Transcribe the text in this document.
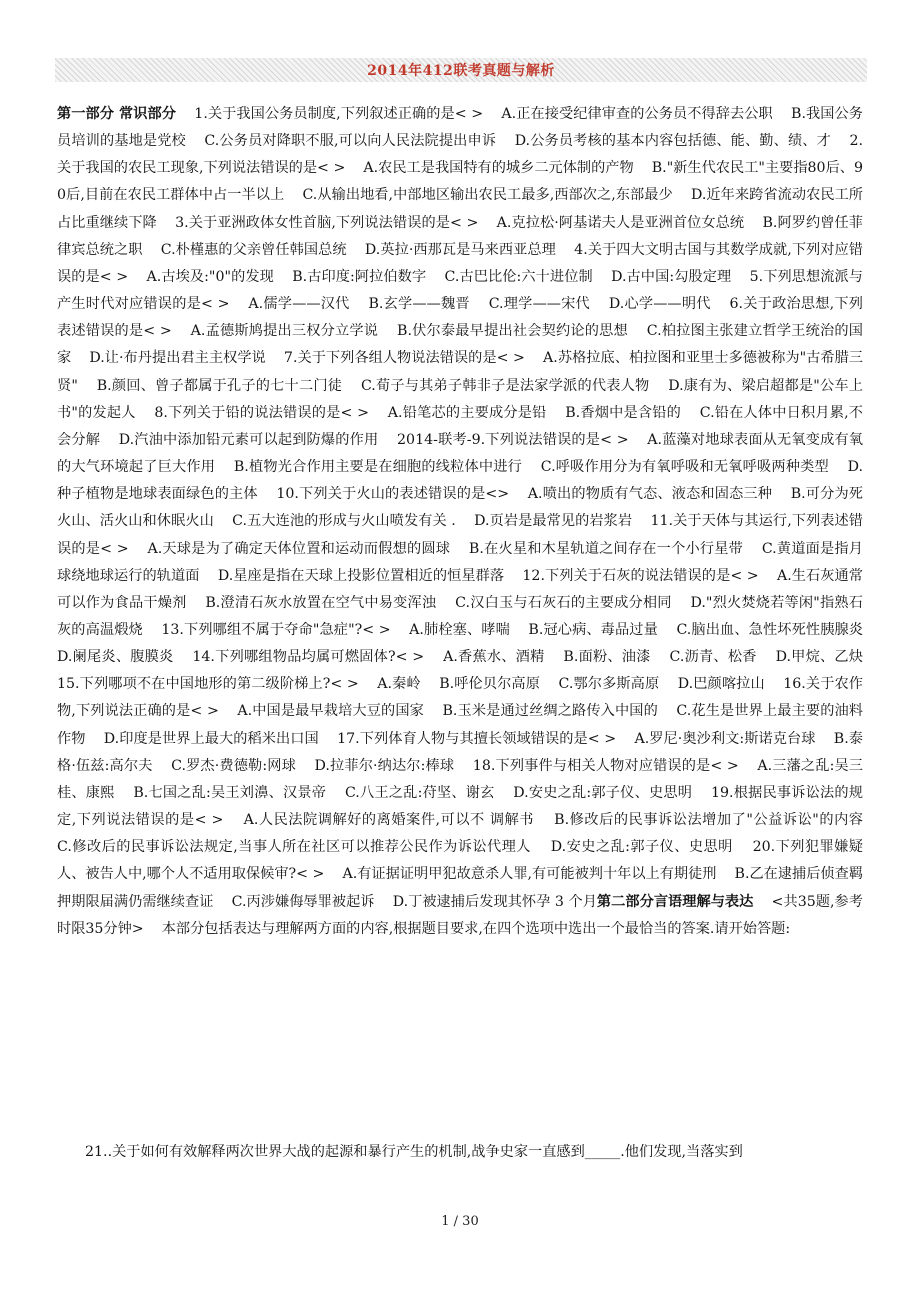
2014年412联考真题与解析
第一部分 常识部分    1.关于我国公务员制度,下列叙述正确的是< >    A.正在接受纪律审查的公务员不得辞去公职    B.我国公务员培训的基地是党校    C.公务员对降职不服,可以向人民法院提出申诉    D.公务员考核的基本内容包括德、能、勤、绩、才    2.关于我国的农民工现象,下列说法错误的是< >    A.农民工是我国特有的城乡二元体制的产物    B."新生代农民工"主要指80后、90后,目前在农民工群体中占一半以上    C.从输出地看,中部地区输出农民工最多,西部次之,东部最少    D.近年来跨省流动农民工所占比重继续下降    3.关于亚洲政体女性首脑,下列说法错误的是< >    A.克拉松·阿基诺夫人是亚洲首位女总统    B.阿罗约曾任菲律宾总统之职    C.朴槿惠的父亲曾任韩国总统    D.英拉·西那瓦是马来西亚总理    4.关于四大文明古国与其数学成就,下列对应错误的是< >    A.古埃及:"0"的发现    B.古印度:阿拉伯数字    C.古巴比伦:六十进位制    D.古中国:勾股定理    5.下列思想流派与产生时代对应错误的是< >    A.儒学——汉代    B.玄学——魏晋    C.理学——宋代    D.心学——明代    6.关于政治思想,下列表述错误的是< >    A.孟德斯鸠提出三权分立学说    B.伏尔泰最早提出社会契约论的思想    C.柏拉图主张建立哲学王统治的国家    D.让·布丹提出君主主权学说    7.关于下列各组人物说法错误的是< >    A.苏格拉底、柏拉图和亚里士多德被称为"古希腊三贤"    B.颜回、曾子都属于孔子的七十二门徒    C.荀子与其弟子韩非子是法家学派的代表人物    D.康有为、梁启超都是"公车上书"的发起人    8.下列关于铅的说法错误的是< >    A.铅笔芯的主要成分是铅    B.香烟中是含铅的    C.铅在人体中日积月累,不会分解    D.汽油中添加铅元素可以起到防爆的作用    2014-联考-9.下列说法错误的是< >    A.蓝藻对地球表面从无氧变成有氧的大气环境起了巨大作用    B.植物光合作用主要是在细胞的线粒体中进行    C.呼吸作用分为有氧呼吸和无氧呼吸两种类型    D.种子植物是地球表面绿色的主体    10.下列关于火山的表述错误的是<>    A.喷出的物质有气态、液态和固态三种    B.可分为死火山、活火山和休眠火山    C.五大连池的形成与火山喷发有关 .    D.页岩是最常见的岩浆岩    11.关于天体与其运行,下列表述错误的是< >    A.天球是为了确定天体位置和运动而假想的圆球    B.在火星和木星轨道之间存在一个小行星带    C.黄道面是指月球绕地球运行的轨道面    D.星座是指在天球上投影位置相近的恒星群落    12.下列关于石灰的说法错误的是< >    A.生石灰通常可以作为食品干燥剂    B.澄清石灰水放置在空气中易变浑浊    C.汉白玉与石灰石的主要成分相同    D."烈火焚烧若等闲"指熟石灰的高温煅烧    13.下列哪组不属于夺命"急症"?< >    A.肺栓塞、哮喘    B.冠心病、毒品过量    C.脑出血、急性坏死性胰腺炎    D.阑尾炎、腹膜炎    14.下列哪组物品均属可燃固体?< >    A.香蕉水、酒精    B.面粉、油漆    C.沥青、松香    D.甲烷、乙炔    15.下列哪项不在中国地形的第二级阶梯上?< >    A.秦岭    B.呼伦贝尔高原    C.鄂尔多斯高原    D.巴颜喀拉山    16.关于农作物,下列说法正确的是< >    A.中国是最早栽培大豆的国家    B.玉米是通过丝绸之路传入中国的    C.花生是世界上最主要的油料作物    D.印度是世界上最大的稻米出口国    17.下列体育人物与其擅长领域错误的是< >    A.罗尼·奥沙利文:斯诺克台球    B.泰格·伍兹:高尔夫    C.罗杰·费德勒:网球    D.拉菲尔·纳达尔:棒球    18.下列事件与相关人物对应错误的是< >    A.三藩之乱:吴三桂、康熙    B.七国之乱:吴王刘濞、汉景帝    C.八王之乱:苻坚、谢玄    D.安史之乱:郭子仪、史思明    19.根据民事诉讼法的规定,下列说法错误的是< >    A.人民法院调解好的离婚案件,可以不 调解书    B.修改后的民事诉讼法增加了"公益诉讼"的内容    C.修改后的民事诉讼法规定,当事人所在社区可以推荐公民作为诉讼代理人    D.安史之乱:郭子仪、史思明    20.下列犯罪嫌疑人、被告人中,哪个人不适用取保候审?< >    A.有证据证明甲犯故意杀人罪,有可能被判十年以上有期徒刑    B.乙在逮捕后侦查羁押期限届满仍需继续查证    C.丙涉嫌侮辱罪被起诉    D.丁被逮捕后发现其怀孕 3 个月第二部分言语理解与表达    <共35题,参考时限35分钟>    本部分包括表达与理解两方面的内容,根据题目要求,在四个选项中选出一个最恰当的答案.请开始答题:
21..关于如何有效解释两次世界大战的起源和暴行产生的机制,战争史家一直感到_____.他们发现,当落实到
1 / 30
